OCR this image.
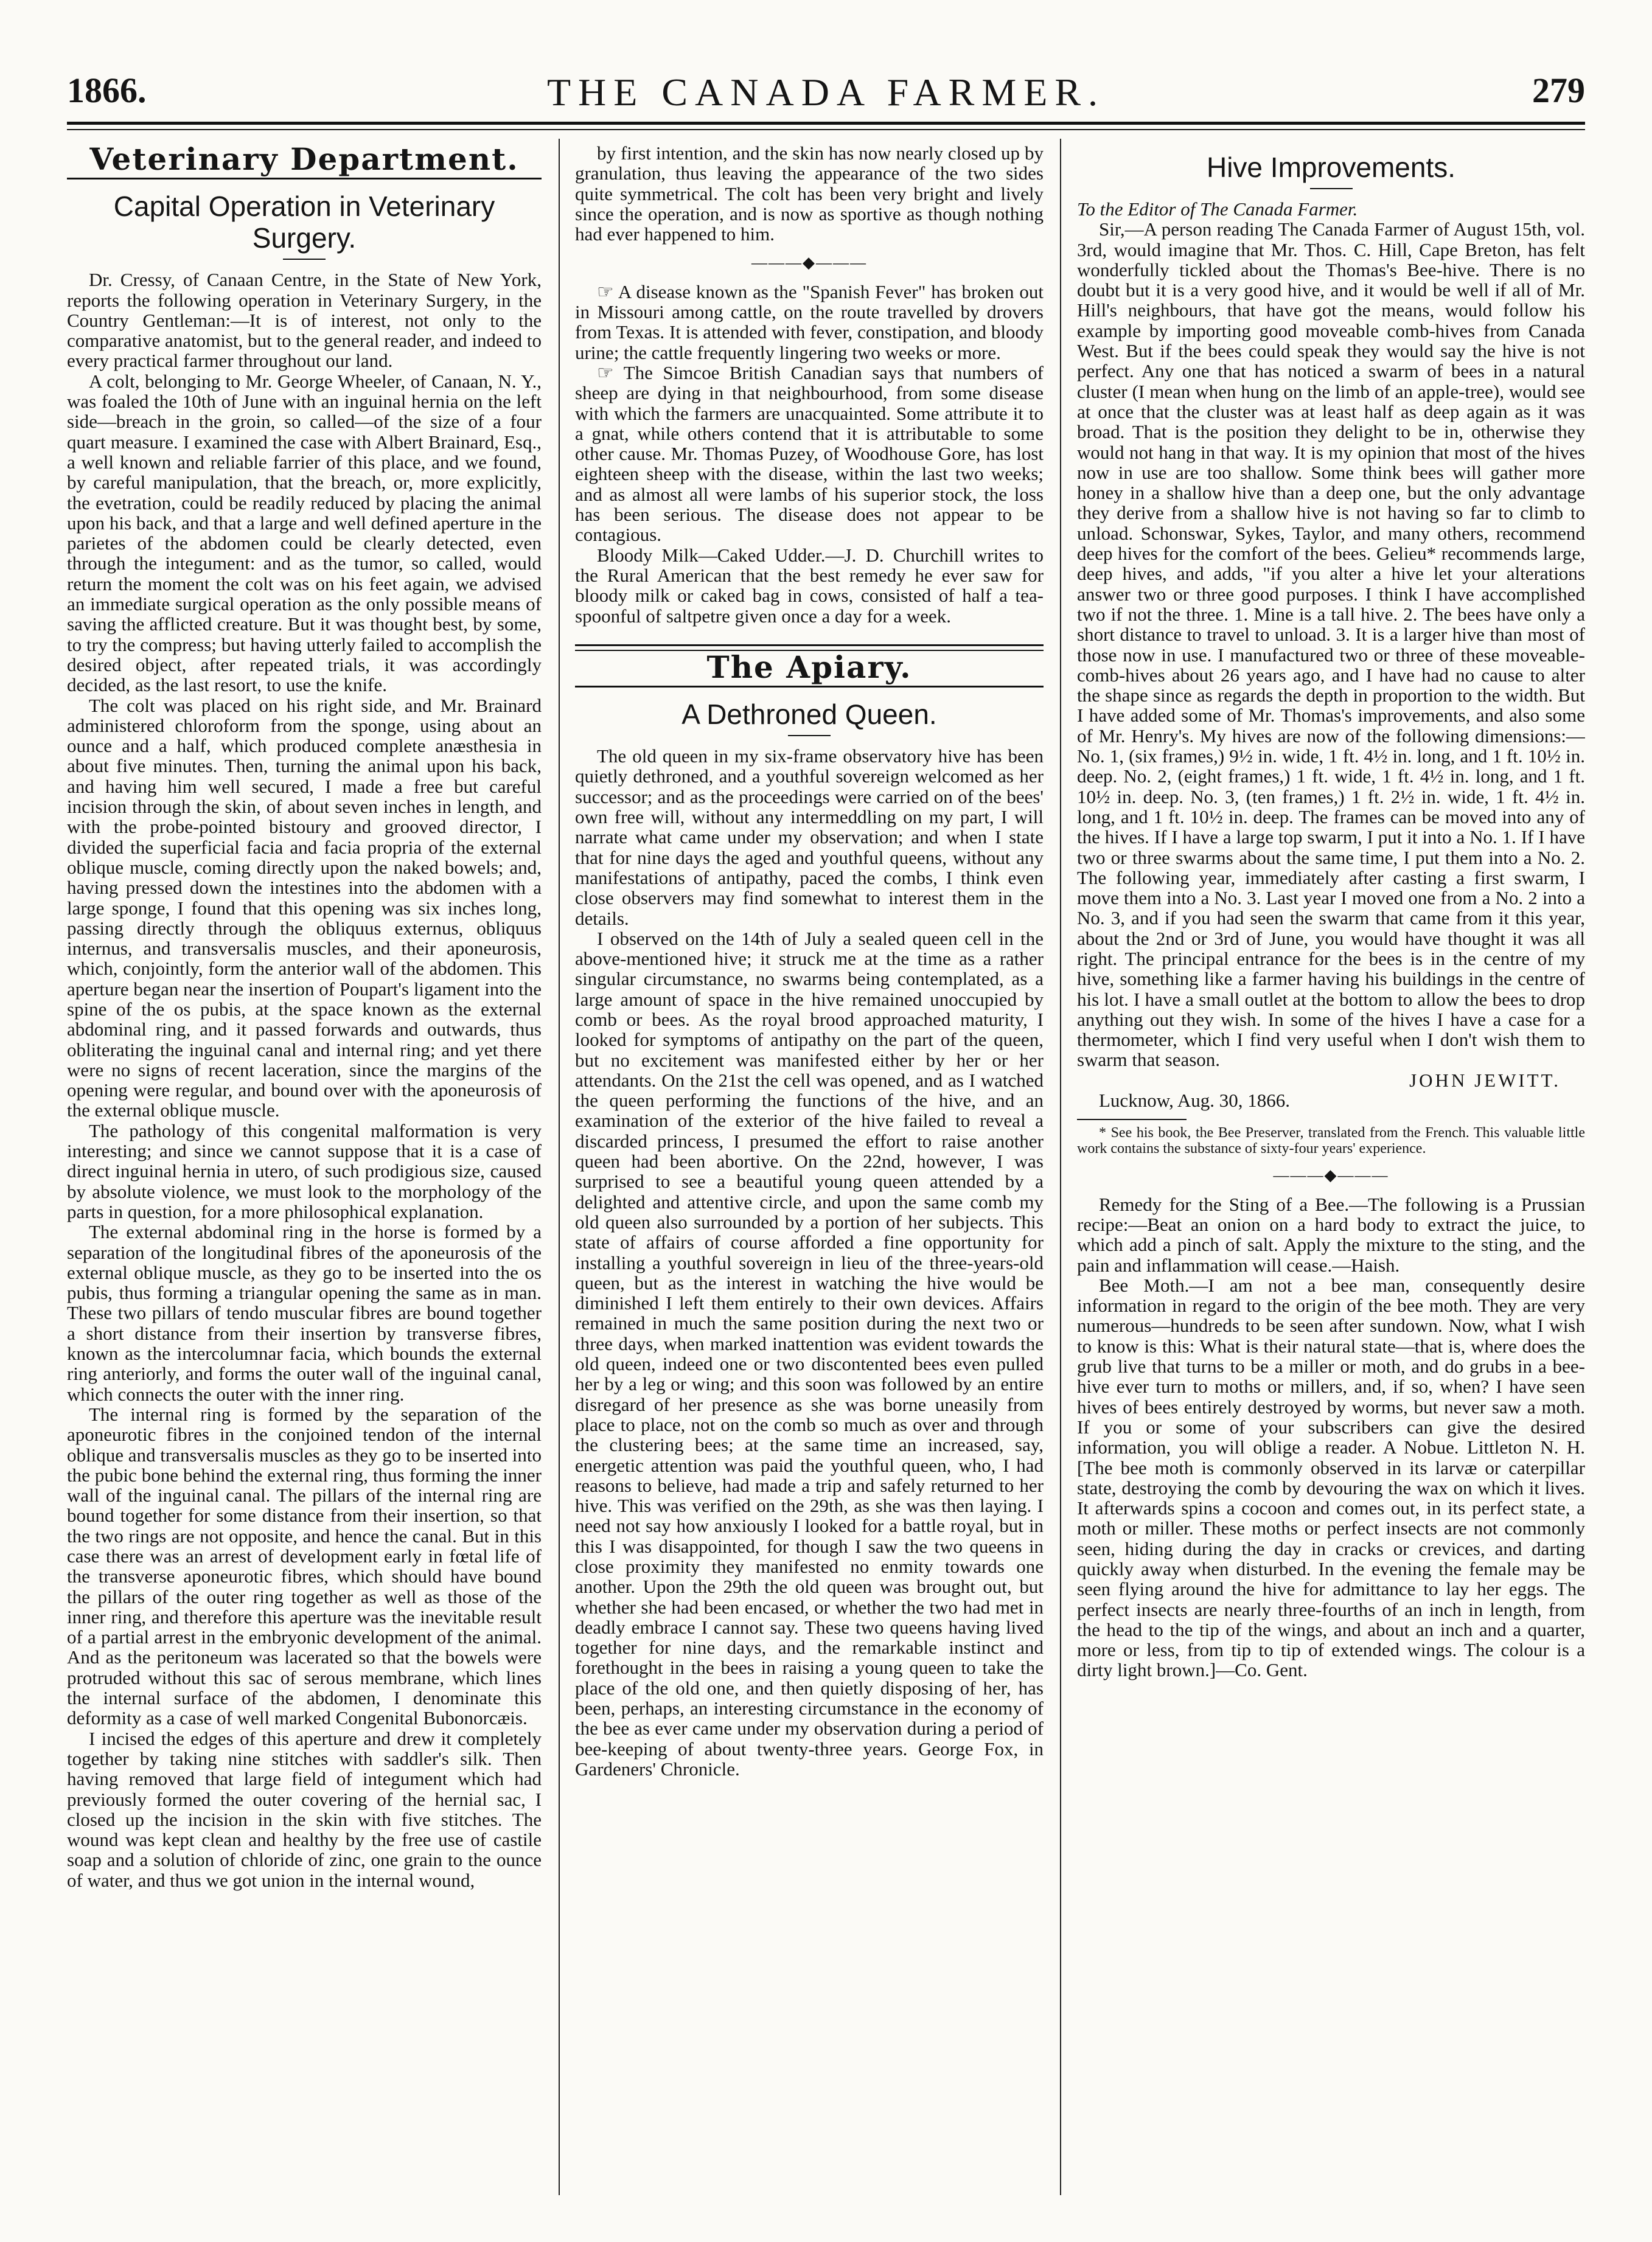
1866.	THE CANADA FARMER.	279
Veterinary Department.
Capital Operation in Veterinary Surgery.

Dr. Cressy, of Canaan Centre, in the State of New York, reports the following operation in Veterinary Surgery, in the Country Gentleman:—It is of interest, not only to the comparative anatomist, but to the general reader, and indeed to every practical farmer throughout our land.

A colt, belonging to Mr. George Wheeler, of Canaan, N. Y., was foaled the 10th of June with an inguinal hernia on the left side—breach in the groin, so called—of the size of a four quart measure. I examined the case with Albert Brainard, Esq., a well known and reliable farrier of this place, and we found, by careful manipulation, that the breach, or, more explicitly, the evetration, could be readily reduced by placing the animal upon his back, and that a large and well defined aperture in the parietes of the abdomen could be clearly detected, even through the integument: and as the tumor, so called, would return the moment the colt was on his feet again, we advised an immediate surgical operation as the only possible means of saving the afflicted creature. But it was thought best, by some, to try the compress; but having utterly failed to accomplish the desired object, after repeated trials, it was accordingly decided, as the last resort, to use the knife.

The colt was placed on his right side, and Mr. Brainard administered chloroform from the sponge, using about an ounce and a half, which produced complete anæsthesia in about five minutes. Then, turning the animal upon his back, and having him well secured, I made a free but careful incision through the skin, of about seven inches in length, and with the probe-pointed bistoury and grooved director, I divided the superficial facia and facia propria of the external oblique muscle, coming directly upon the naked bowels; and, having pressed down the intestines into the abdomen with a large sponge, I found that this opening was six inches long, passing directly through the obliquus externus, obliquus internus, and transversalis muscles, and their aponeurosis, which, conjointly, form the anterior wall of the abdomen. This aperture began near the insertion of Poupart's ligament into the spine of the os pubis, at the space known as the external abdominal ring, and it passed forwards and outwards, thus obliterating the inguinal canal and internal ring; and yet there were no signs of recent laceration, since the margins of the opening were regular, and bound over with the aponeurosis of the external oblique muscle.

The pathology of this congenital malformation is very interesting; and since we cannot suppose that it is a case of direct inguinal hernia in utero, of such prodigious size, caused by absolute violence, we must look to the morphology of the parts in question, for a more philosophical explanation.

The external abdominal ring in the horse is formed by a separation of the longitudinal fibres of the aponeurosis of the external oblique muscle, as they go to be inserted into the os pubis, thus forming a triangular opening the same as in man. These two pillars of tendo muscular fibres are bound together a short distance from their insertion by transverse fibres, known as the intercolumnar facia, which bounds the external ring anteriorly, and forms the outer wall of the inguinal canal, which connects the outer with the inner ring.

The internal ring is formed by the separation of the aponeurotic fibres in the conjoined tendon of the internal oblique and transversalis muscles as they go to be inserted into the pubic bone behind the external ring, thus forming the inner wall of the inguinal canal. The pillars of the internal ring are bound together for some distance from their insertion, so that the two rings are not opposite, and hence the canal. But in this case there was an arrest of development early in fœtal life of the transverse aponeurotic fibres, which should have bound the pillars of the outer ring together as well as those of the inner ring, and therefore this aperture was the inevitable result of a partial arrest in the embryonic development of the animal. And as the peritoneum was lacerated so that the bowels were protruded without this sac of serous membrane, which lines the internal surface of the abdomen, I denominate this deformity as a case of well marked Congenital Bubonorcæis.

I incised the edges of this aperture and drew it completely together by taking nine stitches with saddler's silk. Then having removed that large field of integument which had previously formed the outer covering of the hernial sac, I closed up the incision in the skin with five stitches. The wound was kept clean and healthy by the free use of castile soap and a solution of chloride of zinc, one grain to the ounce of water, and thus we got union in the internal wound,

by first intention, and the skin has now nearly closed up by granulation, thus leaving the appearance of the two sides quite symmetrical. The colt has been very bright and lively since the operation, and is now as sportive as though nothing had ever happened to him.

———◆———

☞ A disease known as the "Spanish Fever" has broken out in Missouri among cattle, on the route travelled by drovers from Texas. It is attended with fever, constipation, and bloody urine; the cattle frequently lingering two weeks or more.

☞ The Simcoe British Canadian says that numbers of sheep are dying in that neighbourhood, from some disease with which the farmers are unacquainted. Some attribute it to a gnat, while others contend that it is attributable to some other cause. Mr. Thomas Puzey, of Woodhouse Gore, has lost eighteen sheep with the disease, within the last two weeks; and as almost all were lambs of his superior stock, the loss has been serious. The disease does not appear to be contagious.

Bloody Milk—Caked Udder.—J. D. Churchill writes to the Rural American that the best remedy he ever saw for bloody milk or caked bag in cows, consisted of half a tea-spoonful of saltpetre given once a day for a week.

The Apiary.
A Dethroned Queen.

The old queen in my six-frame observatory hive has been quietly dethroned, and a youthful sovereign welcomed as her successor; and as the proceedings were carried on of the bees' own free will, without any intermeddling on my part, I will narrate what came under my observation; and when I state that for nine days the aged and youthful queens, without any manifestations of antipathy, paced the combs, I think even close observers may find somewhat to interest them in the details.

I observed on the 14th of July a sealed queen cell in the above-mentioned hive; it struck me at the time as a rather singular circumstance, no swarms being contemplated, as a large amount of space in the hive remained unoccupied by comb or bees. As the royal brood approached maturity, I looked for symptoms of antipathy on the part of the queen, but no excitement was manifested either by her or her attendants. On the 21st the cell was opened, and as I watched the queen performing the functions of the hive, and an examination of the exterior of the hive failed to reveal a discarded princess, I presumed the effort to raise another queen had been abortive. On the 22nd, however, I was surprised to see a beautiful young queen attended by a delighted and attentive circle, and upon the same comb my old queen also surrounded by a portion of her subjects. This state of affairs of course afforded a fine opportunity for installing a youthful sovereign in lieu of the three-years-old queen, but as the interest in watching the hive would be diminished I left them entirely to their own devices. Affairs remained in much the same position during the next two or three days, when marked inattention was evident towards the old queen, indeed one or two discontented bees even pulled her by a leg or wing; and this soon was followed by an entire disregard of her presence as she was borne uneasily from place to place, not on the comb so much as over and through the clustering bees; at the same time an increased, say, energetic attention was paid the youthful queen, who, I had reasons to believe, had made a trip and safely returned to her hive. This was verified on the 29th, as she was then laying. I need not say how anxiously I looked for a battle royal, but in this I was disappointed, for though I saw the two queens in close proximity they manifested no enmity towards one another. Upon the 29th the old queen was brought out, but whether she had been encased, or whether the two had met in deadly embrace I cannot say. These two queens having lived together for nine days, and the remarkable instinct and forethought in the bees in raising a young queen to take the place of the old one, and then quietly disposing of her, has been, perhaps, an interesting circumstance in the economy of the bee as ever came under my observation during a period of bee-keeping of about twenty-three years. George Fox, in Gardeners' Chronicle.

Hive Improvements.

To the Editor of The Canada Farmer.

Sir,—A person reading The Canada Farmer of August 15th, vol. 3rd, would imagine that Mr. Thos. C. Hill, Cape Breton, has felt wonderfully tickled about the Thomas's Bee-hive. There is no doubt but it is a very good hive, and it would be well if all of Mr. Hill's neighbours, that have got the means, would follow his example by importing good moveable comb-hives from Canada West. But if the bees could speak they would say the hive is not perfect. Any one that has noticed a swarm of bees in a natural cluster (I mean when hung on the limb of an apple-tree), would see at once that the cluster was at least half as deep again as it was broad. That is the position they delight to be in, otherwise they would not hang in that way. It is my opinion that most of the hives now in use are too shallow. Some think bees will gather more honey in a shallow hive than a deep one, but the only advantage they derive from a shallow hive is not having so far to climb to unload. Schonswar, Sykes, Taylor, and many others, recommend deep hives for the comfort of the bees. Gelieu* recommends large, deep hives, and adds, "if you alter a hive let your alterations answer two or three good purposes. I think I have accomplished two if not the three. 1. Mine is a tall hive. 2. The bees have only a short distance to travel to unload. 3. It is a larger hive than most of those now in use. I manufactured two or three of these moveable-comb-hives about 26 years ago, and I have had no cause to alter the shape since as regards the depth in proportion to the width. But I have added some of Mr. Thomas's improvements, and also some of Mr. Henry's. My hives are now of the following dimensions:—No. 1, (six frames,) 9½ in. wide, 1 ft. 4½ in. long, and 1 ft. 10½ in. deep. No. 2, (eight frames,) 1 ft. wide, 1 ft. 4½ in. long, and 1 ft. 10½ in. deep. No. 3, (ten frames,) 1 ft. 2½ in. wide, 1 ft. 4½ in. long, and 1 ft. 10½ in. deep. The frames can be moved into any of the hives. If I have a large top swarm, I put it into a No. 1. If I have two or three swarms about the same time, I put them into a No. 2. The following year, immediately after casting a first swarm, I move them into a No. 3. Last year I moved one from a No. 2 into a No. 3, and if you had seen the swarm that came from it this year, about the 2nd or 3rd of June, you would have thought it was all right. The principal entrance for the bees is in the centre of my hive, something like a farmer having his buildings in the centre of his lot. I have a small outlet at the bottom to allow the bees to drop anything out they wish. In some of the hives I have a case for a thermometer, which I find very useful when I don't wish them to swarm that season.

JOHN JEWITT.

Lucknow, Aug. 30, 1866.

* See his book, the Bee Preserver, translated from the French. This valuable little work contains the substance of sixty-four years' experience.

———◆———

Remedy for the Sting of a Bee.—The following is a Prussian recipe:—Beat an onion on a hard body to extract the juice, to which add a pinch of salt. Apply the mixture to the sting, and the pain and inflammation will cease.—Haish.

Bee Moth.—I am not a bee man, consequently desire information in regard to the origin of the bee moth. They are very numerous—hundreds to be seen after sundown. Now, what I wish to know is this: What is their natural state—that is, where does the grub live that turns to be a miller or moth, and do grubs in a bee-hive ever turn to moths or millers, and, if so, when? I have seen hives of bees entirely destroyed by worms, but never saw a moth. If you or some of your subscribers can give the desired information, you will oblige a reader. A Nobue. Littleton N. H. [The bee moth is commonly observed in its larvæ or caterpillar state, destroying the comb by devouring the wax on which it lives. It afterwards spins a cocoon and comes out, in its perfect state, a moth or miller. These moths or perfect insects are not commonly seen, hiding during the day in cracks or crevices, and darting quickly away when disturbed. In the evening the female may be seen flying around the hive for admittance to lay her eggs. The perfect insects are nearly three-fourths of an inch in length, from the head to the tip of the wings, and about an inch and a quarter, more or less, from tip to tip of extended wings. The colour is a dirty light brown.]—Co. Gent.
